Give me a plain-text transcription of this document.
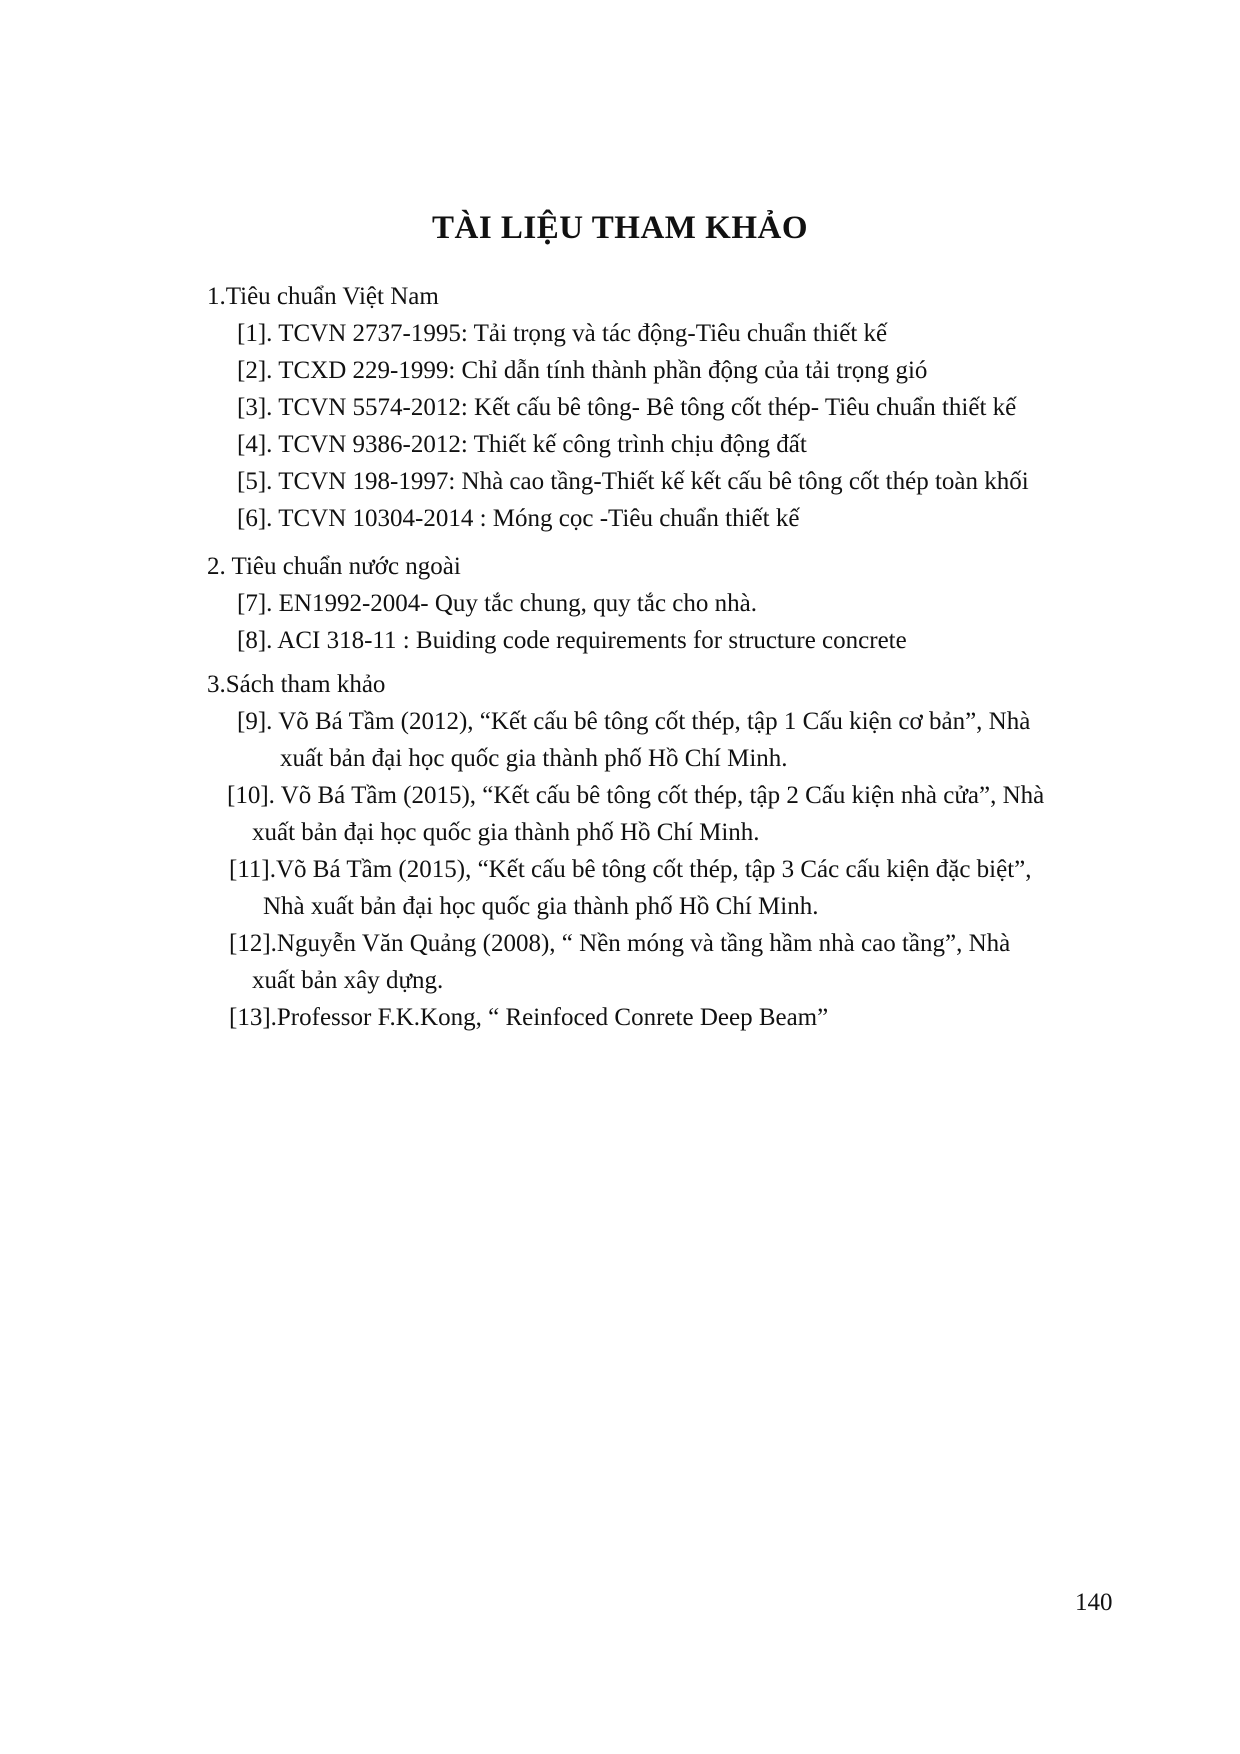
TÀI LIỆU THAM KHẢO
1.Tiêu chuẩn Việt Nam
[1]. TCVN 2737-1995: Tải trọng và tác động-Tiêu chuẩn thiết kế
[2]. TCXD 229-1999: Chỉ dẫn tính thành phần động của tải trọng gió
[3]. TCVN 5574-2012: Kết cấu bê tông- Bê tông cốt thép- Tiêu chuẩn thiết kế
[4]. TCVN 9386-2012: Thiết kế công trình chịu động đất
[5]. TCVN 198-1997: Nhà cao tầng-Thiết kế kết cấu bê tông cốt thép toàn khối
[6]. TCVN 10304-2014 : Móng cọc -Tiêu chuẩn thiết kế
2. Tiêu chuẩn nước ngoài
[7]. EN1992-2004- Quy tắc chung, quy tắc cho nhà.
[8]. ACI 318-11 : Buiding code requirements for structure concrete
3.Sách tham khảo
[9]. Võ Bá Tầm (2012), “Kết cấu bê tông cốt thép, tập 1 Cấu kiện cơ bản”, Nhà
xuất bản đại học quốc gia thành phố Hồ Chí Minh.
[10]. Võ Bá Tầm (2015), “Kết cấu bê tông cốt thép, tập 2 Cấu kiện nhà cửa”, Nhà
xuất bản đại học quốc gia thành phố Hồ Chí Minh.
[11].Võ Bá Tầm (2015), “Kết cấu bê tông cốt thép, tập 3 Các cấu kiện đặc biệt”,
Nhà xuất bản đại học quốc gia thành phố Hồ Chí Minh.
[12].Nguyễn Văn Quảng (2008), “ Nền móng và tầng hầm nhà cao tầng”, Nhà
xuất bản xây dựng.
[13].Professor F.K.Kong, “ Reinfoced Conrete Deep Beam”
140
